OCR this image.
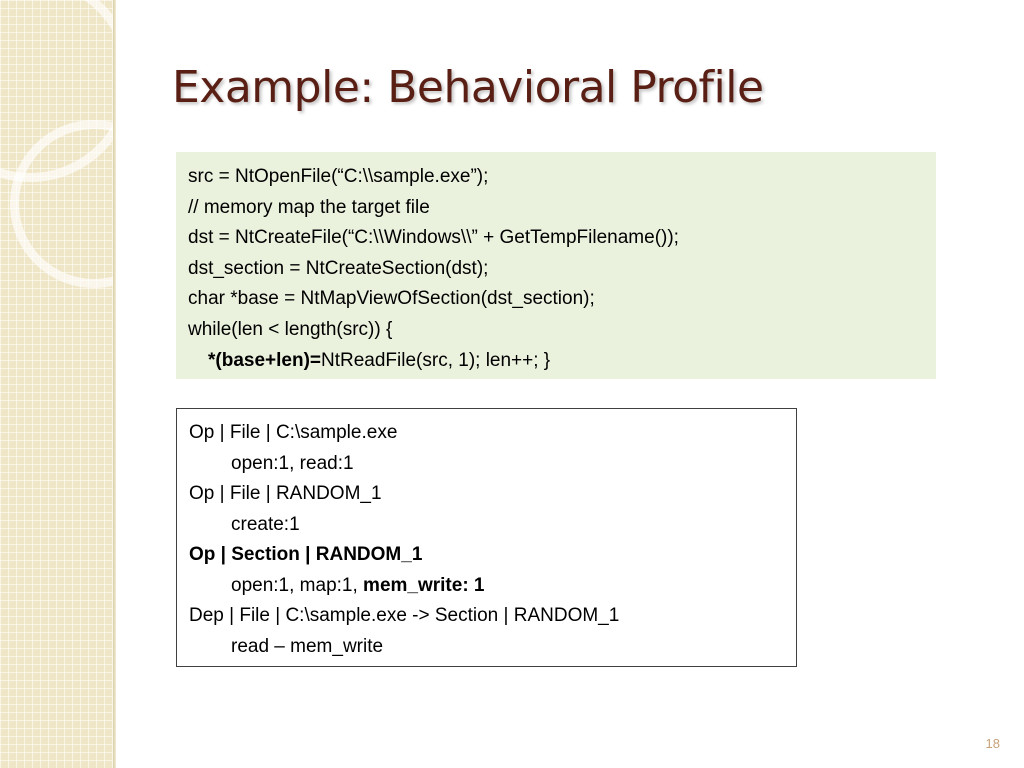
Example: Behavioral Profile
src = NtOpenFile(“C:\\sample.exe”);
// memory map the target file
dst = NtCreateFile(“C:\\Windows\\” + GetTempFilename());
dst_section = NtCreateSection(dst);
char *base = NtMapViewOfSection(dst_section);
while(len < length(src)) {
*(base+len)=NtReadFile(src, 1); len++; }
Op | File | C:\sample.exe
open:1, read:1
Op | File | RANDOM_1
create:1
Op | Section | RANDOM_1
open:1, map:1, mem_write: 1
Dep | File | C:\sample.exe -> Section | RANDOM_1
read – mem_write
18
